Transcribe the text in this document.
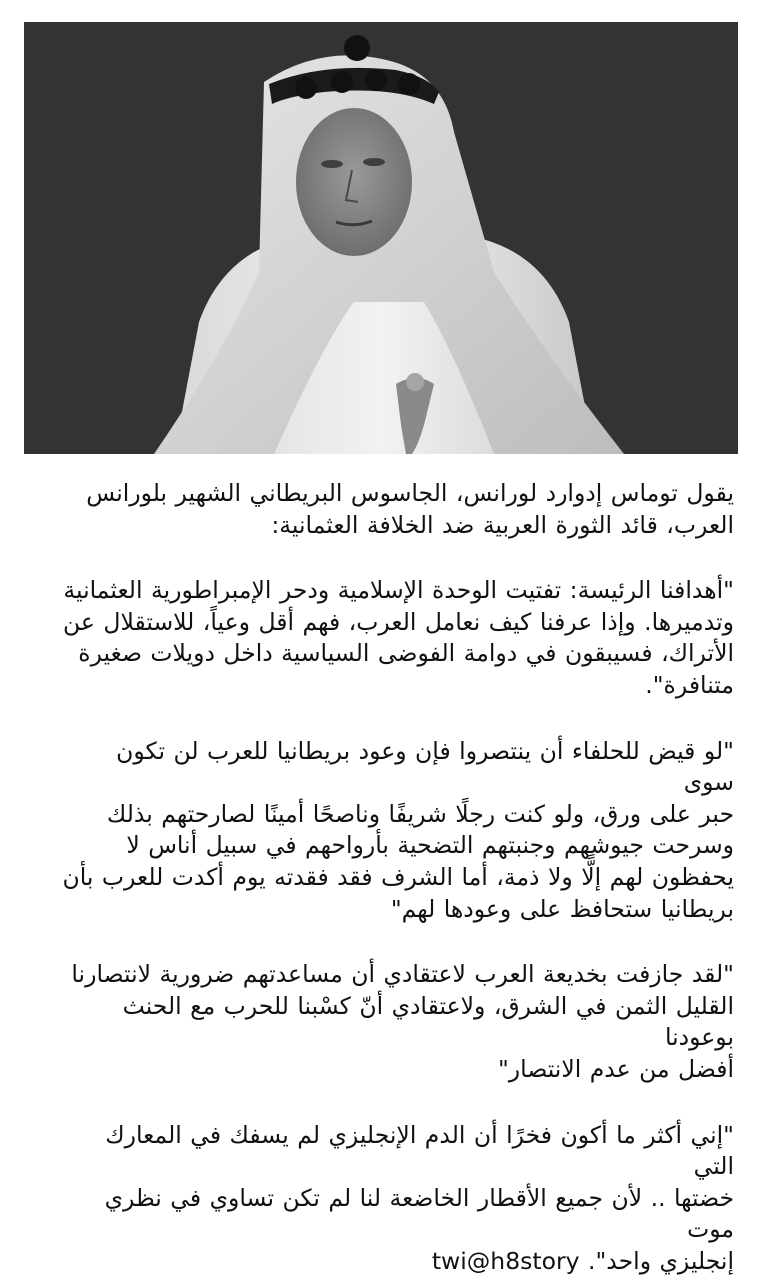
يقول توماس إدوارد لورانس، الجاسوس البريطاني الشهير بلورانس
العرب، قائد الثورة العربية ضد الخلافة العثمانية:

"أهدافنا الرئيسة: تفتيت الوحدة الإسلامية ودحر الإمبراطورية العثمانية
وتدميرها. وإذا عرفنا كيف نعامل العرب، فهم أقل وعياً، للاستقلال عن
الأتراك، فسيبقون في دوامة الفوضى السياسية داخل دويلات صغيرة
متنافرة".

"لو قيض للحلفاء أن ينتصروا فإن وعود بريطانيا للعرب لن تكون سوى
حبر على ورق، ولو كنت رجلًا شريفًا وناصحًا أمينًا لصارحتهم بذلك
وسرحت جيوشهم وجنبتهم التضحية بأرواحهم في سبيل أناس لا
يحفظون لهم إلًّا ولا ذمة، أما الشرف فقد فقدته يوم أكدت للعرب بأن
بريطانيا ستحافظ على وعودها لهم"

"لقد جازفت بخديعة العرب لاعتقادي أن مساعدتهم ضرورية لانتصارنا
القليل الثمن في الشرق، ولاعتقادي أنّ كسْبنا للحرب مع الحنث بوعودنا
أفضل من عدم الانتصار"

"إني أكثر ما أكون فخرًا أن الدم الإنجليزي لم يسفك في المعارك التي
خضتها .. لأن جميع الأقطار الخاضعة لنا لم تكن تساوي في نظري موت
إنجليزي واحد". twi@h8story
